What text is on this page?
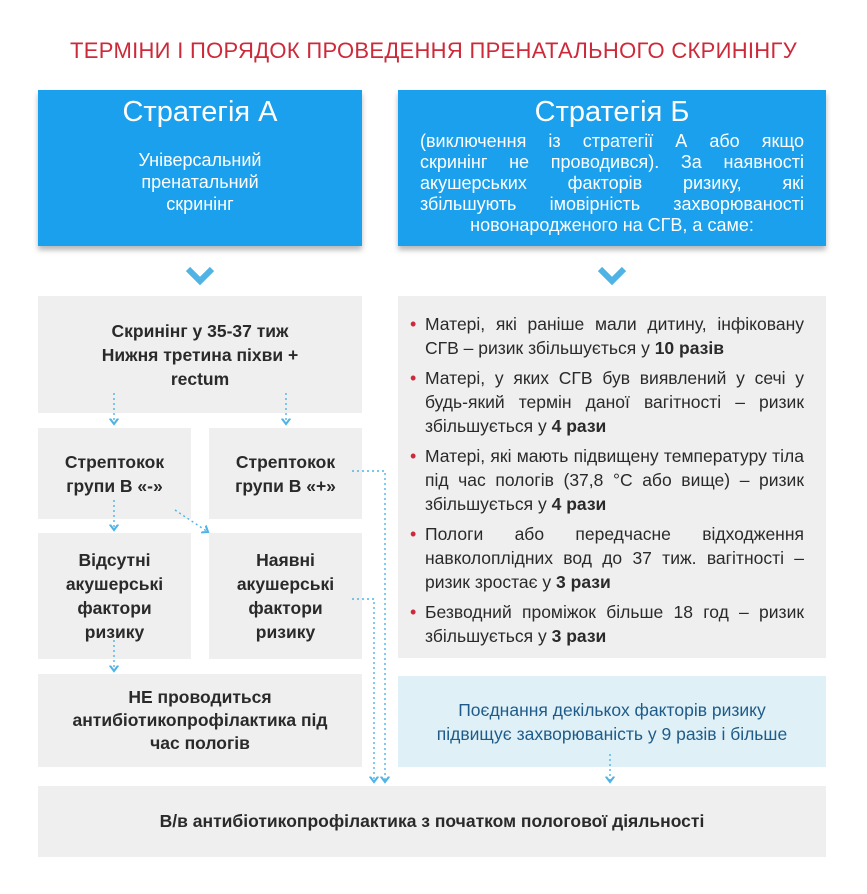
ТЕРМІНИ І ПОРЯДОК ПРОВЕДЕННЯ ПРЕНАТАЛЬНОГО СКРИНІНГУ
Стратегія А
Універсальний
пренатальний
скринінг
Стратегія Б
(виключення із стратегії А або якщо
скринінг не проводився). За наявності
акушерських факторів ризику, які
збільшують імовірність захворюваності
новонародженого на СГВ, а саме:
Скринінг у 35-37 тиж
Нижня третина піхви +
rectum
Стрептокок
групи В «-»
Стрептокок
групи В «+»
Відсутні
акушерські
фактори
ризику
Наявні
акушерські
фактори
ризику
НЕ проводиться
антибіотикопрофілактика під
час пологів
• Матері, які раніше мали дитину, інфіковану СГВ – ризик збільшується у 10 разів
• Матері, у яких СГВ був виявлений у сечі у будь-який термін даної вагітності – ризик збільшується у 4 рази
• Матері, які мають підвищену температуру тіла під час пологів (37,8 °С або вище) – ризик збільшується у 4 рази
• Пологи або передчасне відходження навколоплідних вод до 37 тиж. вагітності – ризик зростає у 3 рази
• Безводний проміжок більше 18 год – ризик збільшується у 3 рази
Поєднання декількох факторів ризику
підвищує захворюваність у 9 разів і більше
В/в антибіотикопрофілактика з початком пологової діяльності
